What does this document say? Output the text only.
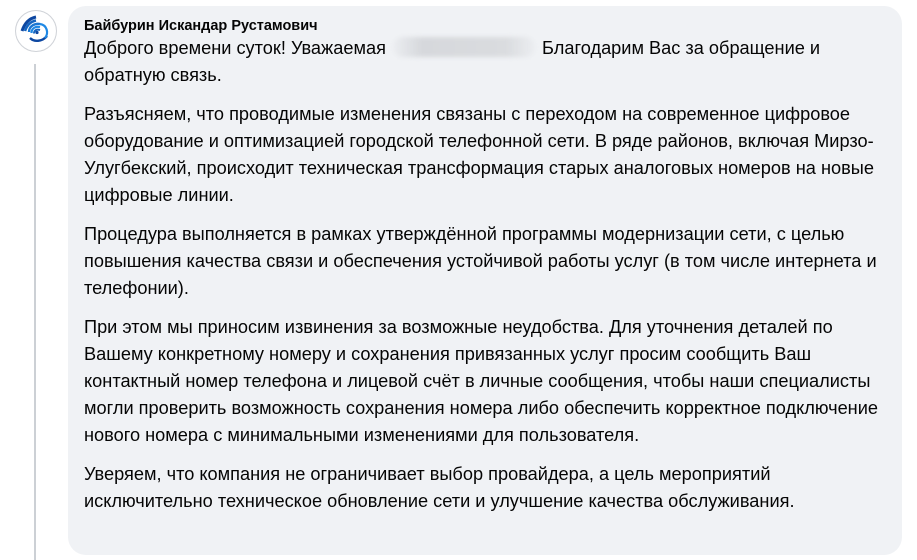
Байбурин Искандар Рустамович

Доброго времени суток! Уважаемая	Благодарим Вас за обращение и обратную связь.

Разъясняем, что проводимые изменения связаны с переходом на современное цифровое оборудование и оптимизацией городской телефонной сети. В ряде районов, включая Мирзо-Улугбекский, происходит техническая трансформация старых аналоговых номеров на новые цифровые линии.

Процедура выполняется в рамках утверждённой программы модернизации сети, с целью повышения качества связи и обеспечения устойчивой работы услуг (в том числе интернета и телефонии).

При этом мы приносим извинения за возможные неудобства. Для уточнения деталей по Вашему конкретному номеру и сохранения привязанных услуг просим сообщить Ваш контактный номер телефона и лицевой счёт в личные сообщения, чтобы наши специалисты могли проверить возможность сохранения номера либо обеспечить корректное подключение нового номера с минимальными изменениями для пользователя.

Уверяем, что компания не ограничивает выбор провайдера, а цель мероприятий исключительно техническое обновление сети и улучшение качества обслуживания.
